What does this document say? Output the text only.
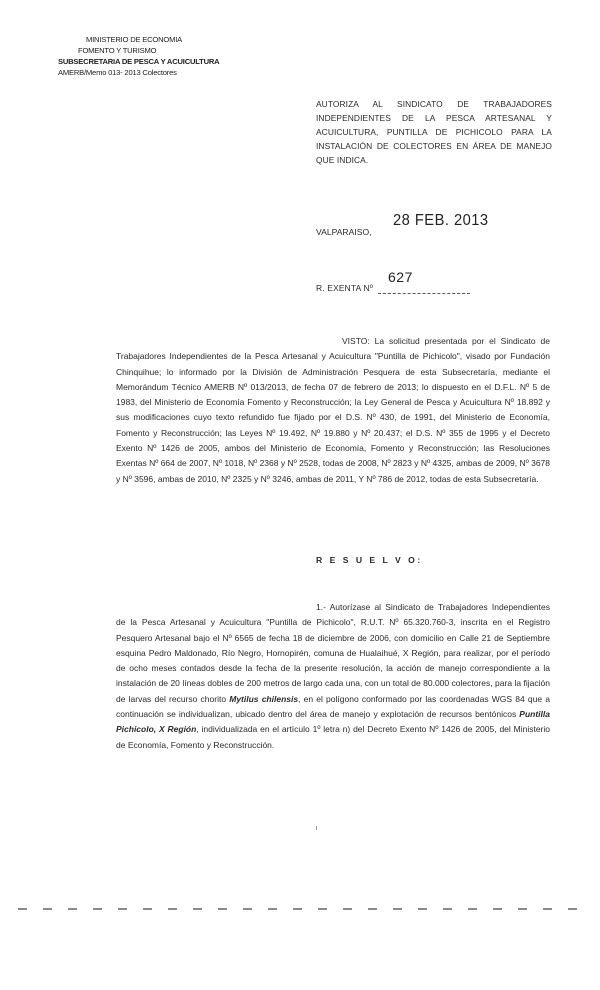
MINISTERIO DE ECONOMIA
FOMENTO Y TURISMO
SUBSECRETARIA DE PESCA Y ACUICULTURA
AMERB/Memo 013- 2013 Colectores
AUTORIZA AL SINDICATO DE TRABAJADORES INDEPENDIENTES DE LA PESCA ARTESANAL Y ACUICULTURA, PUNTILLA DE PICHICOLO PARA LA INSTALACIÓN DE COLECTORES EN ÁREA DE MANEJO QUE INDICA.
VALPARAISO,
28 FEB. 2013
R. EXENTA Nº
627
VISTO: La solicitud presentada por el Sindicato de Trabajadores Independientes de la Pesca Artesanal y Acuicultura "Puntilla de Pichicolo", visado por Fundación Chinquihue; lo informado por la División de Administración Pesquera de esta Subsecretaría, mediante el Memorándum Técnico AMERB Nº 013/2013, de fecha 07 de febrero de 2013; lo dispuesto en el D.F.L. Nº 5 de 1983, del Ministerio de Economía Fomento y Reconstrucción; la Ley General de Pesca y Acuicultura Nº 18.892 y sus modificaciones cuyo texto refundido fue fijado por el D.S. Nº 430, de 1991, del Ministerio de Economía, Fomento y Reconstrucción; las Leyes Nº 19.492, Nº 19.880 y Nº 20.437; el D.S. Nº 355 de 1995 y el Decreto Exento Nº 1426 de 2005, ambos del Ministerio de Economía, Fomento y Reconstrucción; las Resoluciones Exentas Nº 664 de 2007, Nº 1018, Nº 2368 y Nº 2528, todas de 2008, Nº 2823 y Nº 4325, ambas de 2009, Nº 3678 y Nº 3596, ambas de 2010, Nº 2325 y Nº 3246, ambas de 2011, Y Nº 786 de 2012, todas de esta Subsecretaría.
R E S U E L V O:
1.- Autorízase al Sindicato de Trabajadores Independientes de la Pesca Artesanal y Acuicultura "Puntilla de Pichicolo", R.U.T. Nº 65.320.760-3, inscrita en el Registro Pesquero Artesanal bajo el Nº 6565 de fecha 18 de diciembre de 2006, con domicilio en Calle 21 de Septiembre esquina Pedro Maldonado, Río Negro, Hornopirén, comuna de Hualaihué, X Región, para realizar, por el período de ocho meses contados desde la fecha de la presente resolución, la acción de manejo correspondiente a la instalación de 20 líneas dobles de 200 metros de largo cada una, con un total de 80.000 colectores, para la fijación de larvas del recurso chorito Mytilus chilensis, en el polígono conformado por las coordenadas WGS 84 que a continuación se individualizan, ubicado dentro del área de manejo y explotación de recursos bentónicos Puntilla Pichicolo, X Región, individualizada en el artículo 1º letra n) del Decreto Exento Nº 1426 de 2005, del Ministerio de Economía, Fomento y Reconstrucción.
